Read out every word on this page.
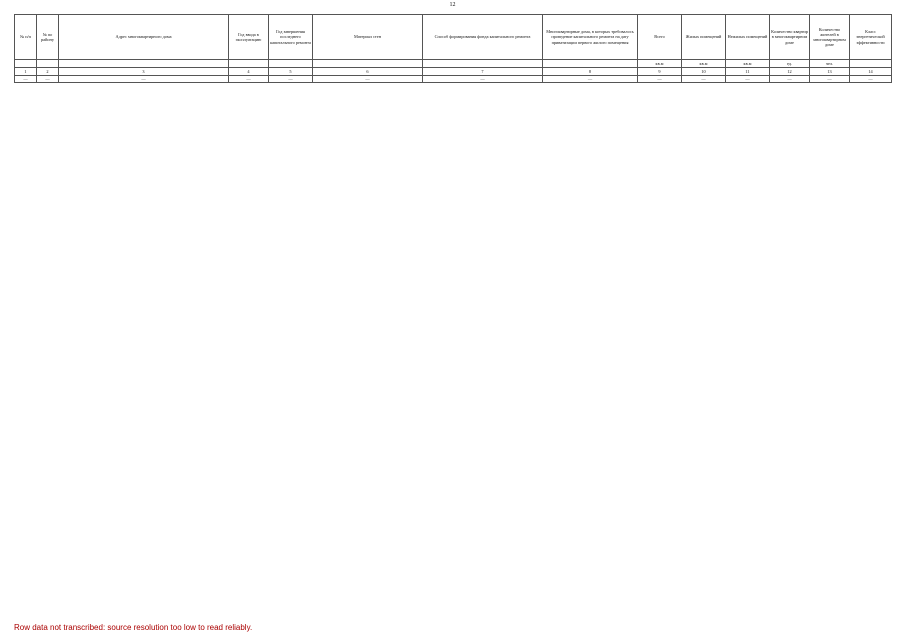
12
№ п/п	№ по району	Адрес многоквартирного дома	Год ввода в эксплуатацию	Год завершения последнего капитального ремонта	Материал стен	Способ формирования фонда капитального ремонта	Многоквартирные дома, в которых требовалось проведение капитального ремонта на дату приватизации первого жилого помещения	Всего	Жилых помещений	Нежилых помещений	Количество квартир в многоквартирном доме	Количество жителей в многоквартирном доме	Класс энергетической эффективности
								кв.м	кв.м	кв.м	ед.	чел.	
1	2	3	4	5	6	7	8	9	10	11	12	13	14
—	—	—	—	—	—	—	—	—	—	—	—	—	—
Row data not transcribed: source resolution too low to read reliably.
